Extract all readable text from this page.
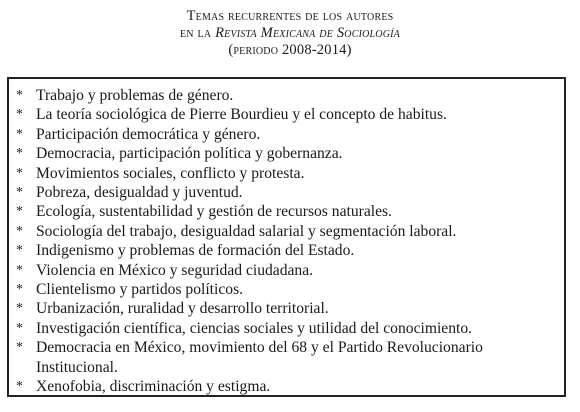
Temas recurrentes de los autores
en la Revista Mexicana de Sociología
(periodo 2008-2014)
* Trabajo y problemas de género.
* La teoría sociológica de Pierre Bourdieu y el concepto de habitus.
* Participación democrática y género.
* Democracia, participación política y gobernanza.
* Movimientos sociales, conflicto y protesta.
* Pobreza, desigualdad y juventud.
* Ecología, sustentabilidad y gestión de recursos naturales.
* Sociología del trabajo, desigualdad salarial y segmentación laboral.
* Indigenismo y problemas de formación del Estado.
* Violencia en México y seguridad ciudadana.
* Clientelismo y partidos políticos.
* Urbanización, ruralidad y desarrollo territorial.
* Investigación científica, ciencias sociales y utilidad del conocimiento.
* Democracia en México, movimiento del 68 y el Partido Revolucionario Institucional.
* Xenofobia, discriminación y estigma.
